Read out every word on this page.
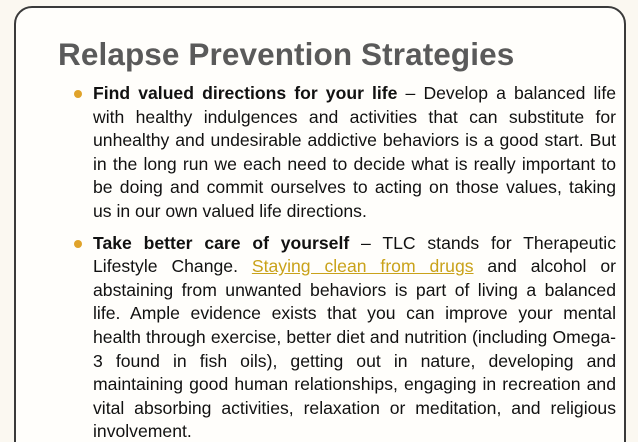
Relapse Prevention Strategies

Find valued directions for your life – Develop a balanced life with healthy indulgences and activities that can substitute for unhealthy and undesirable addictive behaviors is a good start. But in the long run we each need to decide what is really important to be doing and commit ourselves to acting on those values, taking us in our own valued life directions.

Take better care of yourself – TLC stands for Therapeutic Lifestyle Change. Staying clean from drugs and alcohol or abstaining from unwanted behaviors is part of living a balanced life. Ample evidence exists that you can improve your mental health through exercise, better diet and nutrition (including Omega-3 found in fish oils), getting out in nature, developing and maintaining good human relationships, engaging in recreation and vital absorbing activities, relaxation or meditation, and religious involvement.
